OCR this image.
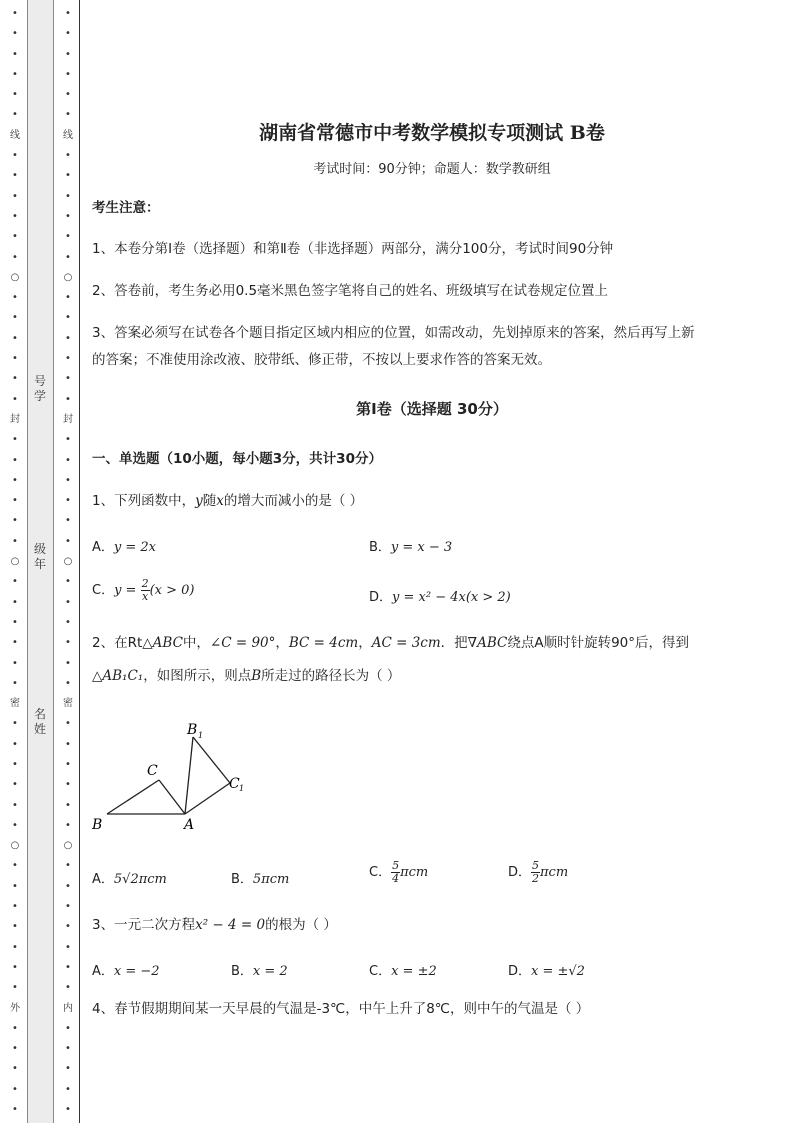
•
•
•
•
•
•
线
•
•
•
•
•
•
○
•
•
•
•
•
•
封
•
•
•
•
•
•
○
•
•
•
•
•
•
密
•
•
•
•
•
•
○
•
•
•
•
•
•
•
外
•
•
•
•
•
•
•
•
•
•
•
线
•
•
•
•
•
•
○
•
•
•
•
•
•
封
•
•
•
•
•
•
○
•
•
•
•
•
•
密
•
•
•
•
•
•
○
•
•
•
•
•
•
•
内
•
•
•
•
•
号学
级年
名姓
湖南省常德市中考数学模拟专项测试 B卷
考试时间：90分钟；命题人：数学教研组
考生注意：
1、本卷分第I卷（选择题）和第Ⅱ卷（非选择题）两部分，满分100分，考试时间90分钟
2、答卷前，考生务必用0.5毫米黑色签字笔将自己的姓名、班级填写在试卷规定位置上
3、答案必须写在试卷各个题目指定区域内相应的位置，如需改动，先划掉原来的答案，然后再写上新
的答案；不准使用涂改液、胶带纸、修正带，不按以上要求作答的答案无效。
第I卷（选择题 30分）
一、单选题（10小题，每小题3分，共计30分）
1、下列函数中，y随x的增大而减小的是（ ）
A．y = 2x	B．y = x − 3
C．$y = \frac{2}{x} (x > 0)$	D．y = x² − 4x(x > 2)
2、在Rt△ABC中，∠C = 90°，BC = 4cm，AC = 3cm．把∇ABC绕点A顺时针旋转90°后，得到
△AB₁C₁，如图所示，则点B所走过的路径长为（ ）
B 1
C
C 1
B	A
A．5√2πcm	B．5πcm	C． $\frac{5}{4}$ πcm	D． $\frac{5}{2}$ πcm
3、一元二次方程x² − 4 = 0的根为（ ）
A．x = −2	B．x = 2	C．x = ±2	D．x = ±√2
4、春节假期期间某一天早晨的气温是-3℃，中午上升了8℃，则中午的气温是（ ）
